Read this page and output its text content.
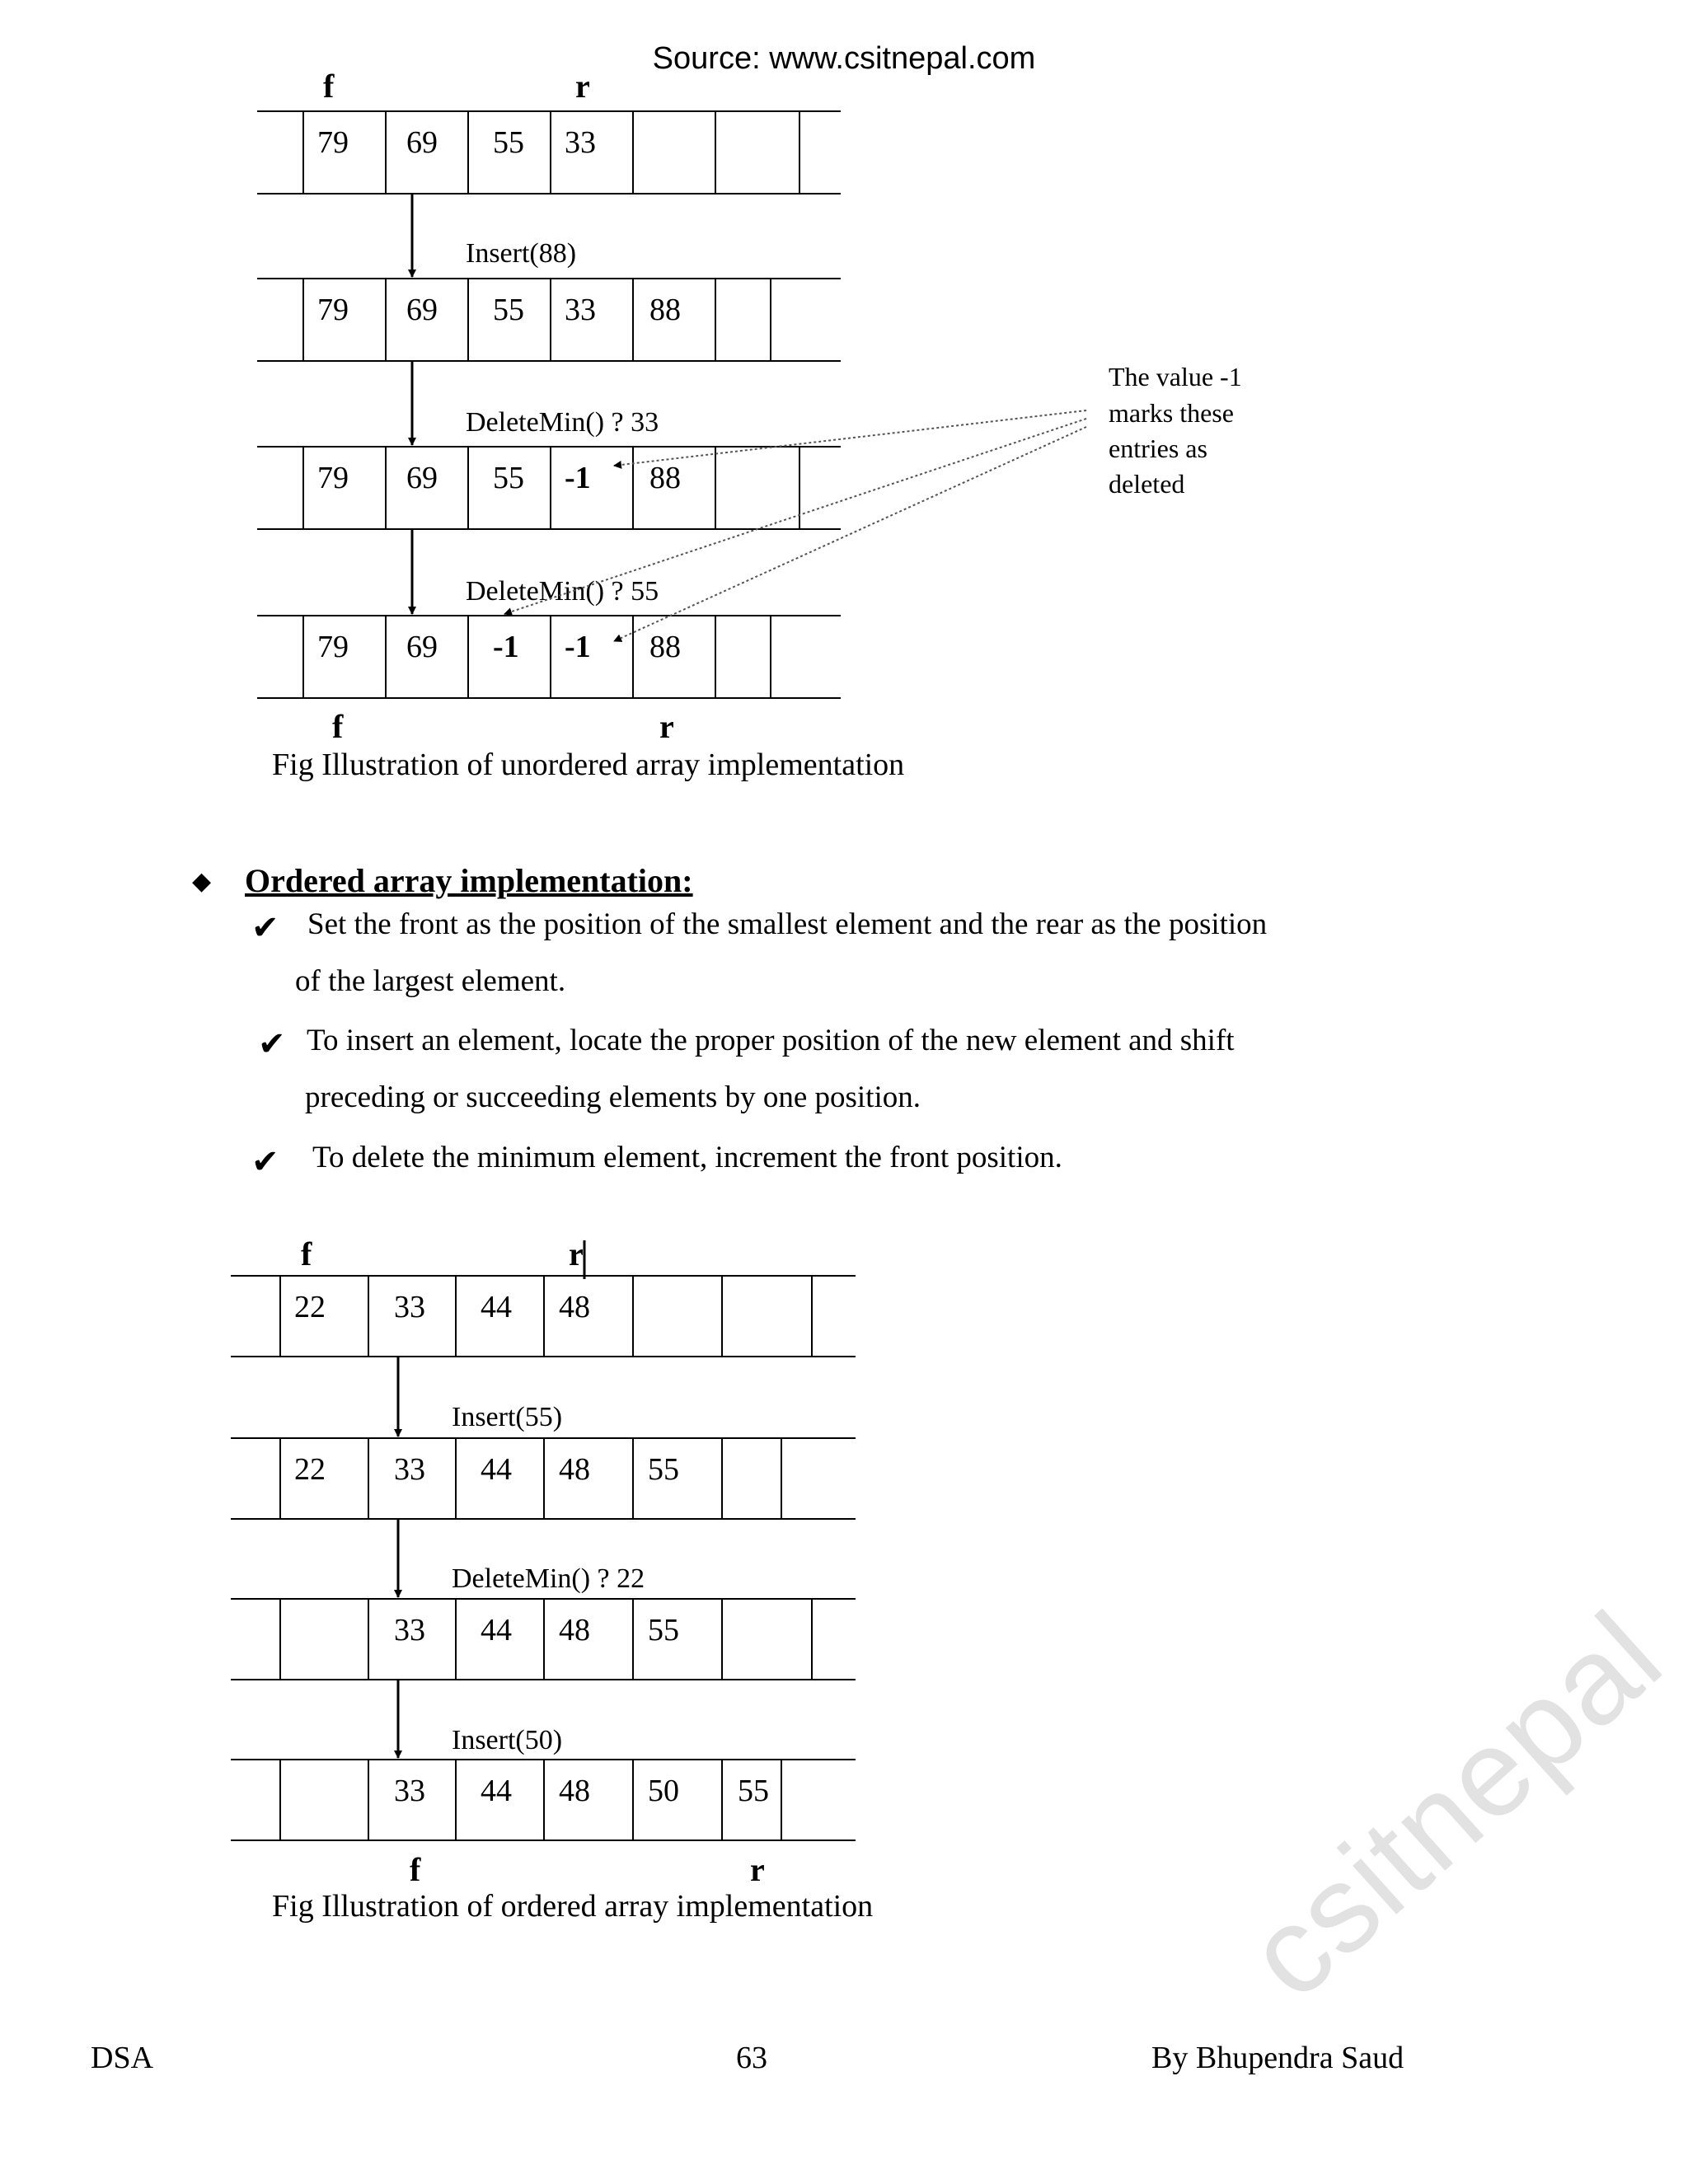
Source: www.csitnepal.com
79 69 55 33
79 69 55 33 88
79 69 55 -1 88
79 69 -1 -1 88
22 33 44 48
22 33 44 48 55
33 44 48 55
33 44 48 50 55
f	r
f	r
Insert(88)
DeleteMin() ? 33
DeleteMin() ? 55
The value -1
marks these
entries as
deleted
Fig Illustration of unordered array implementation
f	r
f	r
Insert(55)
DeleteMin() ? 22
Insert(50)
Fig Illustration of ordered array implementation
◆ Ordered array implementation:
✔ Set the front as the position of the smallest element and the rear as the position
of the largest element.
✔ To insert an element, locate the proper position of the new element and shift
preceding or succeeding elements by one position.
✔ To delete the minimum element, increment the front position.
DSA	63	By Bhupendra Saud
csitnepal
